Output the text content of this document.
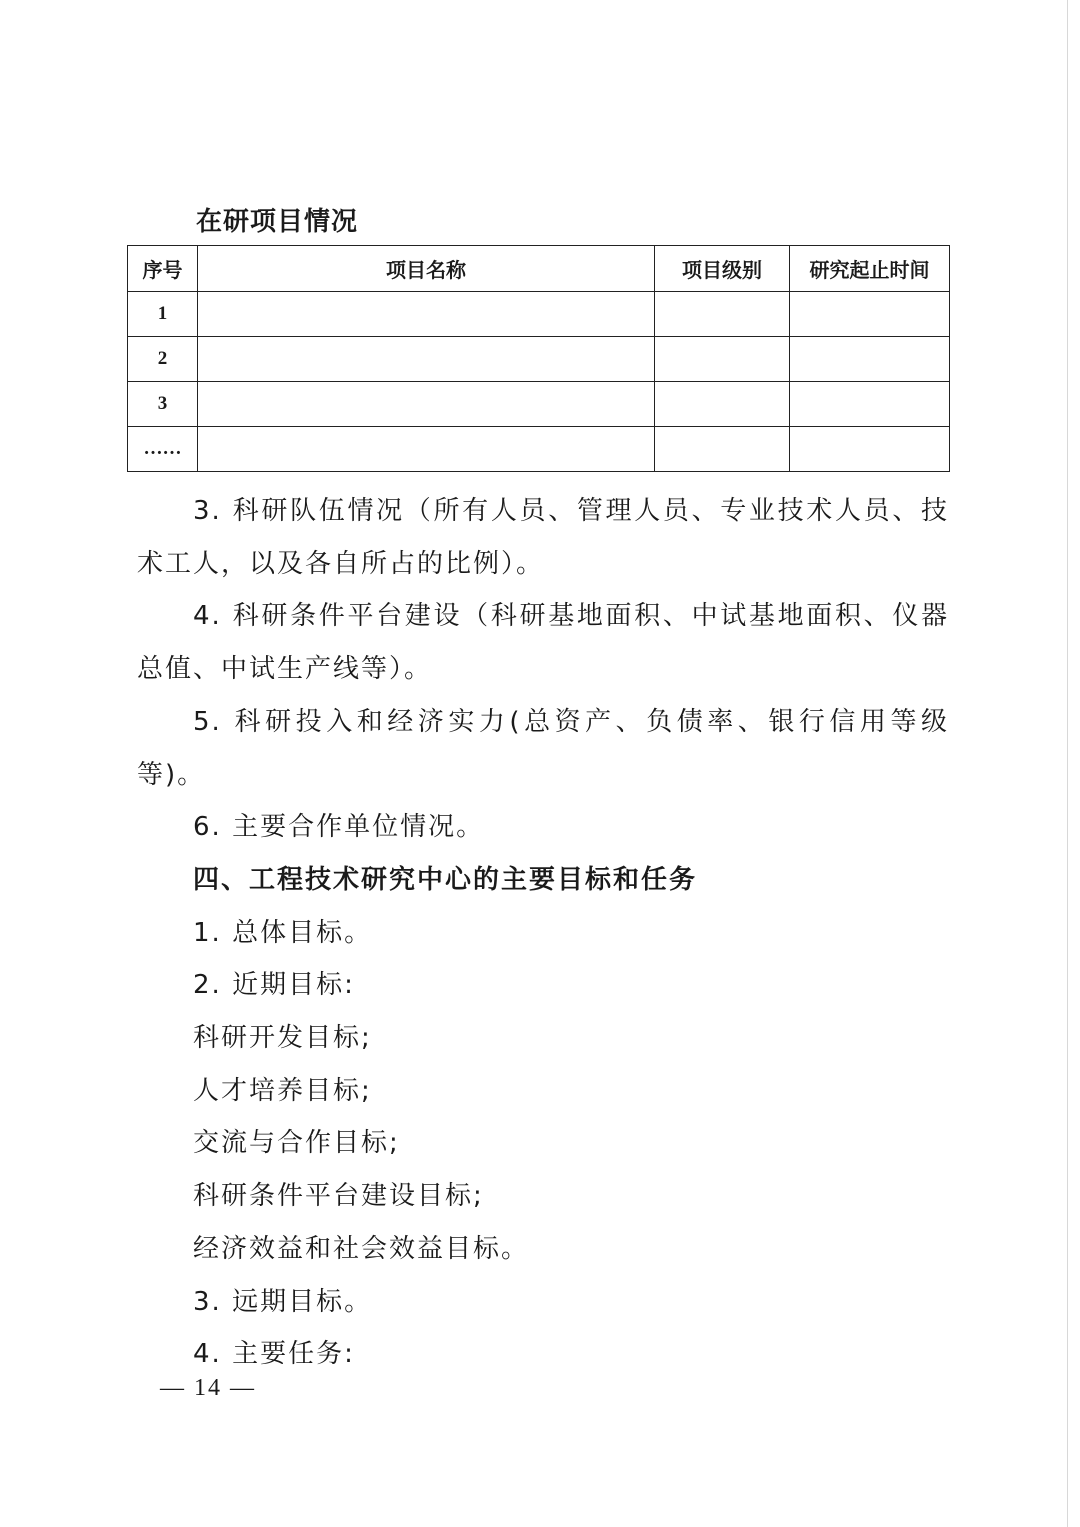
在研项目情况
序号	项目名称	项目级别	研究起止时间
1			
2			
3			
……			

3. 科研队伍情况（所有人员、管理人员、专业技术人员、技术工人，以及各自所占的比例）。

4. 科研条件平台建设（科研基地面积、中试基地面积、仪器总值、中试生产线等）。

5. 科研投入和经济实力(总资产、负债率、银行信用等级等)。

6. 主要合作单位情况。

四、工程技术研究中心的主要目标和任务

1. 总体目标。

2. 近期目标:

科研开发目标;

人才培养目标;

交流与合作目标;

科研条件平台建设目标;

经济效益和社会效益目标。

3. 远期目标。

4. 主要任务:

— 14 —
